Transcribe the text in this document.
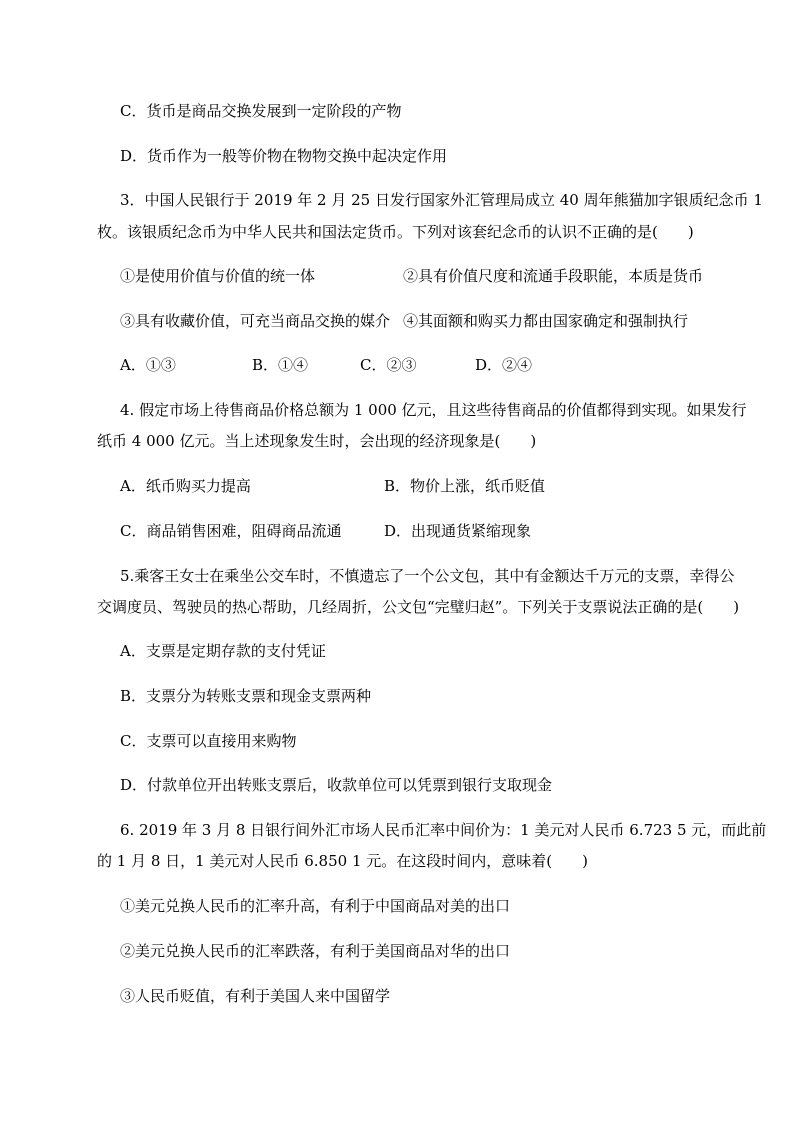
C．货币是商品交换发展到一定阶段的产物
D．货币作为一般等价物在物物交换中起决定作用
3．中国人民银行于 2019 年 2 月 25 日发行国家外汇管理局成立 40 周年熊猫加字银质纪念币 1
枚。该银质纪念币为中华人民共和国法定货币。下列对该套纪念币的认识不正确的是(　　)
①是使用价值与价值的统一体	②具有价值尺度和流通手段职能，本质是货币
③具有收藏价值，可充当商品交换的媒介 ④其面额和购买力都由国家确定和强制执行
A．①③	B．①④	C．②③	D．②④
4. 假定市场上待售商品价格总额为 1 000 亿元，且这些待售商品的价值都得到实现。如果发行
纸币 4 000 亿元。当上述现象发生时，会出现的经济现象是(　　)
A．纸币购买力提高	B．物价上涨，纸币贬值
C．商品销售困难，阻碍商品流通	D．出现通货紧缩现象
5.乘客王女士在乘坐公交车时，不慎遗忘了一个公文包，其中有金额达千万元的支票，幸得公
交调度员、驾驶员的热心帮助，几经周折，公文包“完璧归赵”。下列关于支票说法正确的是(　　)
A．支票是定期存款的支付凭证
B．支票分为转账支票和现金支票两种
C．支票可以直接用来购物
D．付款单位开出转账支票后，收款单位可以凭票到银行支取现金
6. 2019 年 3 月 8 日银行间外汇市场人民币汇率中间价为：1 美元对人民币 6.723 5 元，而此前
的 1 月 8 日，1 美元对人民币 6.850 1 元。在这段时间内，意味着(　　)
①美元兑换人民币的汇率升高，有利于中国商品对美的出口
②美元兑换人民币的汇率跌落，有利于美国商品对华的出口
③人民币贬值，有利于美国人来中国留学
